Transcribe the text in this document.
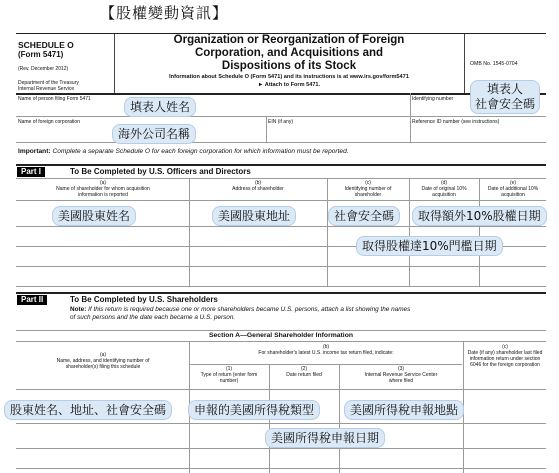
【股權變動資訊】
SCHEDULE O
(Form 5471)
(Rev. December 2012)
Department of the Treasury
Internal Revenue Service
Organization or Reorganization of Foreign
Corporation, and Acquisitions and
Dispositions of its Stock
Information about Schedule O (Form 5471) and its instructions is at www.irs.gov/form5471
► Attach to Form 5471.
OMB No. 1545-0704
Name of person filing Form 5471	Identifying number
Name of foreign corporation	EIN (if any)	Reference ID number (see instructions)
Important: Complete a separate Schedule O for each foreign corporation for which information must be reported.
Part I	To Be Completed by U.S. Officers and Directors
(a)
Name of shareholder for whom acquisition information is reported
(b)
Address of shareholder
(c)
Identifying number of shareholder
(d)
Date of original 10% acquisition
(e)
Date of additional 10% acquisition
Part II	To Be Completed by U.S. Shareholders
Note: If this return is required because one or more shareholders became U.S. persons, attach a list showing the names
of such persons and the date each became a U.S. person.
Section A—General Shareholder Information
(a)
Name, address, and identifying number of shareholder(s) filing this schedule
(b)
For shareholder's latest U.S. income tax return filed, indicate:
(1)
Type of return (enter form number)
(2)
Date return filed
(3)
Internal Revenue Service Center where filed
(c)
Date (if any) shareholder last filed information return under section 6046 for the foreign corporation
填表人姓名
填表人
社會安全碼
海外公司名稱
美國股東姓名	美國股東地址	社會安全碼	取得額外10%股權日期
取得股權達10%門檻日期
股東姓名、地址、社會安全碼	申報的美國所得稅類型	美國所得稅申報地點
美國所得稅申報日期
